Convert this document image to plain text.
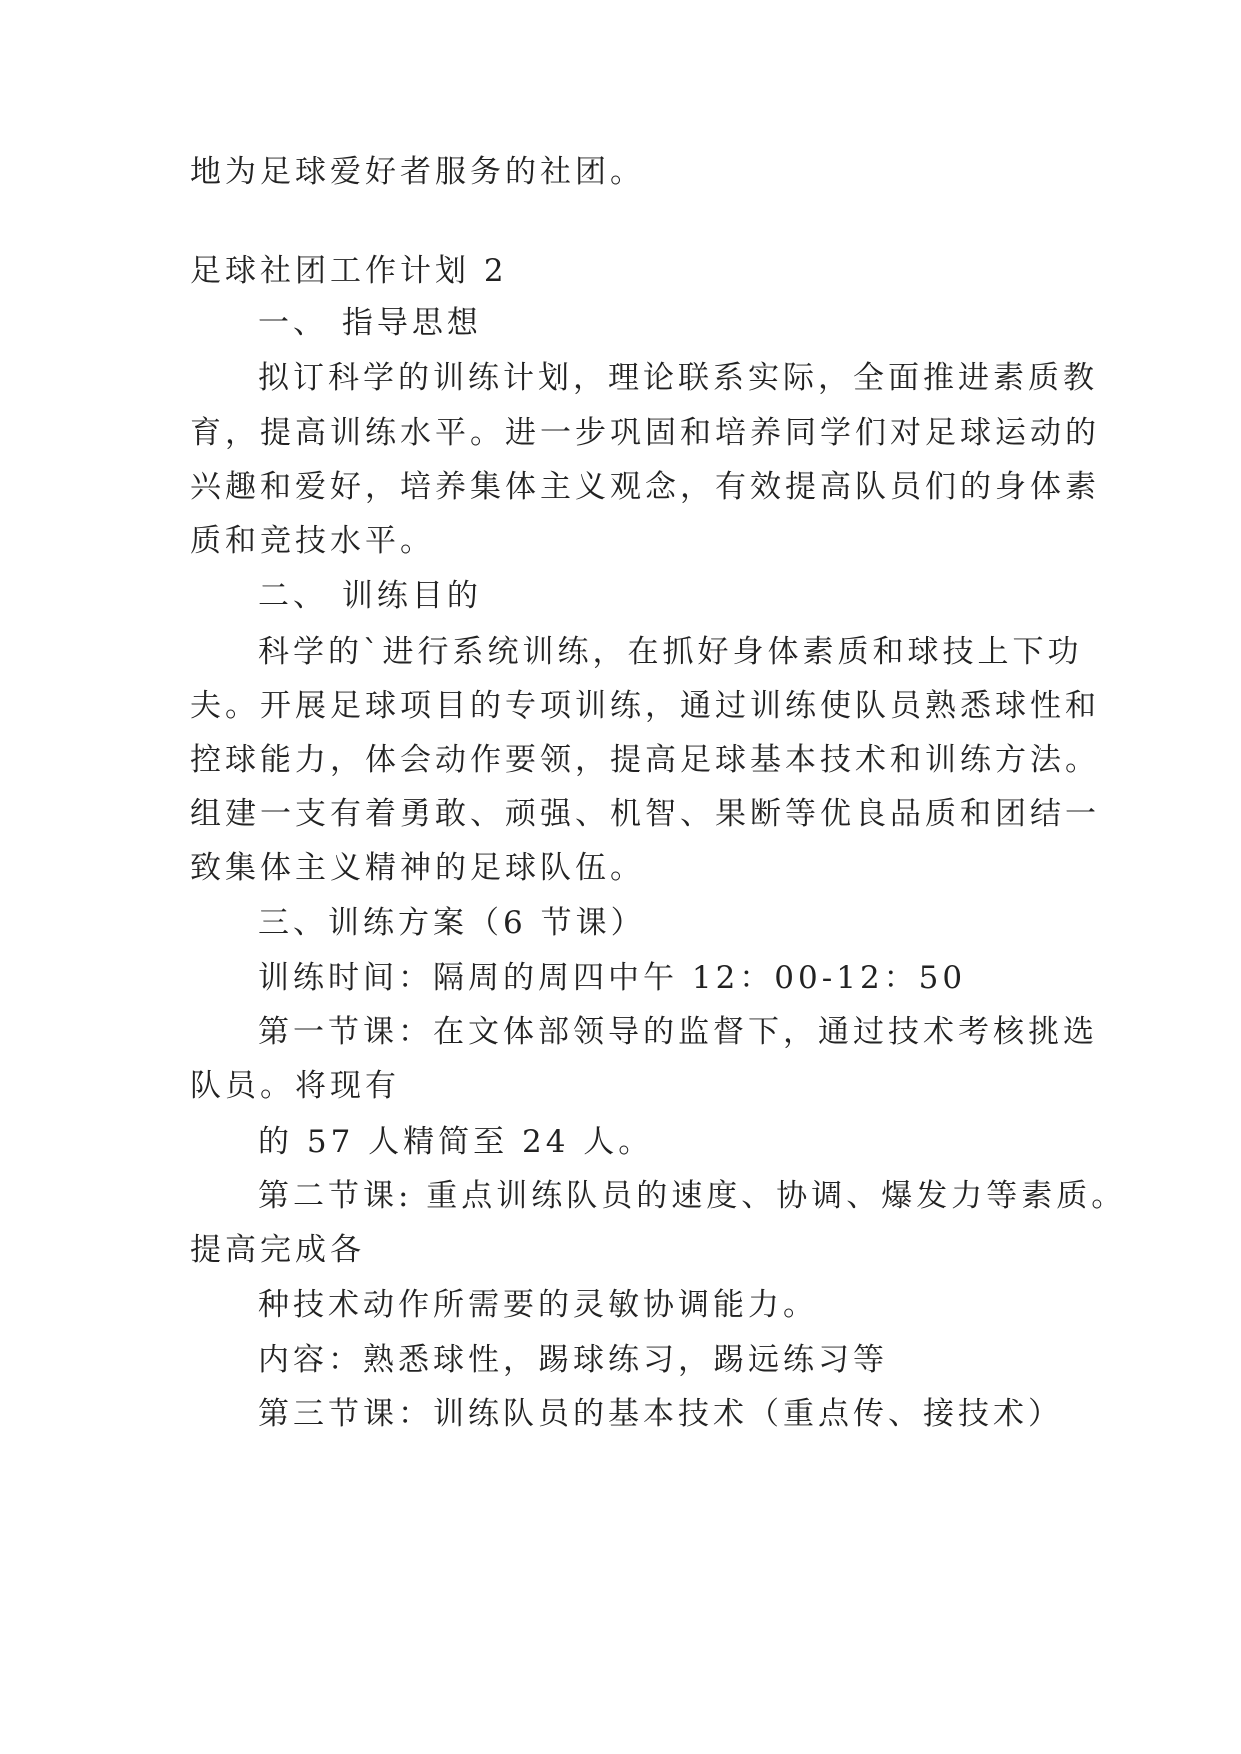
地为足球爱好者服务的社团。
足球社团工作计划 2
一、 指导思想
拟订科学的训练计划，理论联系实际，全面推进素质教
育，提高训练水平。进一步巩固和培养同学们对足球运动的
兴趣和爱好，培养集体主义观念，有效提高队员们的身体素
质和竞技水平。
二、 训练目的
科学的`进行系统训练，在抓好身体素质和球技上下功
夫。开展足球项目的专项训练，通过训练使队员熟悉球性和
控球能力，体会动作要领，提高足球基本技术和训练方法。
组建一支有着勇敢、顽强、机智、果断等优良品质和团结一
致集体主义精神的足球队伍。
三、训练方案（6 节课）
训练时间：隔周的周四中午 12：00-12：50
第一节课：在文体部领导的监督下，通过技术考核挑选
队员。将现有
的 57 人精简至 24 人。
第二节课: 重点训练队员的速度、协调、爆发力等素质。
提高完成各
种技术动作所需要的灵敏协调能力。
内容：熟悉球性，踢球练习，踢远练习等
第三节课：训练队员的基本技术（重点传、接技术）
